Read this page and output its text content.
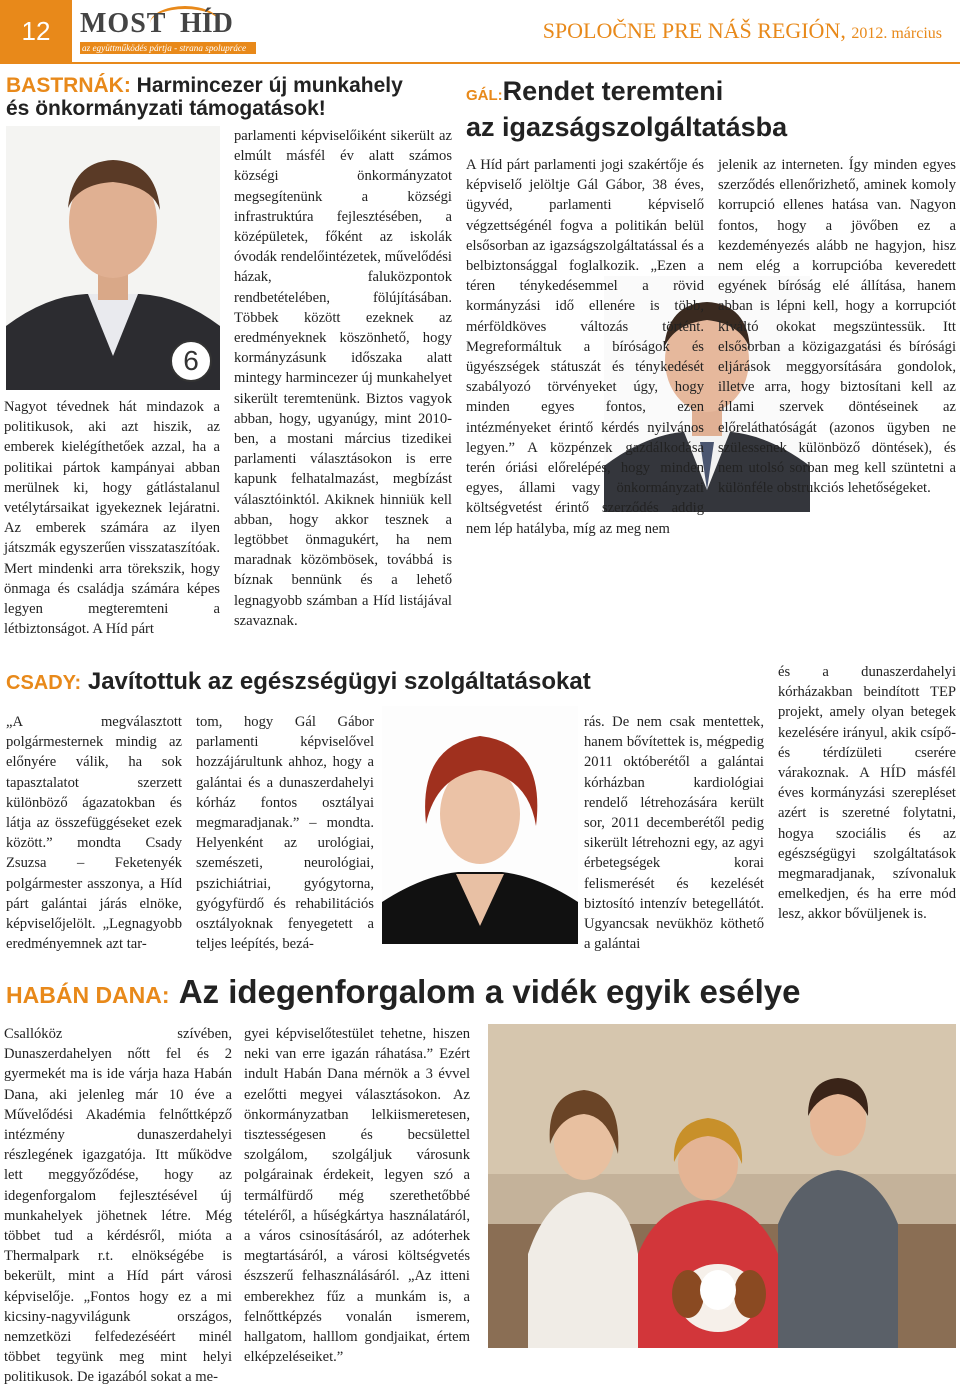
12	MOST HÍD
az együttműködés pártja - strana spolupráce
SPOLOČNE PRE NÁŠ REGIÓN, 2012. március
BASTRNÁK: Harmincezer új munkahely
és önkormányzati támogatások!
6
Nagyot tévednek hát mindazok a politikusok, aki azt hiszik, az emberek kielégíthetőek azzal, ha a politikai pártok kampányai abban merülnek ki, hogy gátlástalanul vetélytársaikat igyekeznek lejáratni. Az emberek számára az ilyen játszmák egyszerűen visszataszítóak. Mert mindenki arra törekszik, hogy önmaga és családja számára képes legyen megteremteni a létbiztonságot. A Híd párt
parlamenti képviselőiként sikerült az elmúlt másfél év alatt számos községi önkormányzatot megsegítenünk a községi infrastruktúra fejlesztésében, a középületek, főként az iskolák óvodák rendelőintézetek, művelődési házak, faluközpontok rendbetételében, fölújításában. Többek között ezeknek az eredményeknek köszönhető, hogy kormányzásunk időszaka alatt mintegy harmincezer új munkahelyet sikerült teremtenünk. Biztos vagyok abban, hogy, ugyanúgy, mint 2010-ben, a mostani március tizedikei parlamenti választásokon is erre kapunk felhatalmazást, megbízást választóinktól. Akiknek hinniük kell abban, hogy akkor tesznek a legtöbbet önmagukért, ha nem maradnak közömbösek, továbbá is bíznak bennünk és a lehető legnagyobb számban a Híd listájával szavaznak.
GÁL:Rendet teremteni
az igazságszolgáltatásba
A Híd párt parlamenti jogi szakértője és képviselő jelöltje Gál Gábor, 38 éves, ügyvéd, parlamenti képviselő végzettségénél fogva a politikán belül elsősorban az igazságszolgáltatással és a belbiztonsággal foglalkozik. „Ezen a téren ténykedésemmel a rövid kormányzási idő ellenére is több, mérföldköves változás történt. Megreformáltuk a bíróságok és ügyészségek státuszát és ténykedését szabályozó törvényeket úgy, hogy minden egyes fontos, ezen intézményeket érintő kérdés nyilvános legyen.” A közpénzek gazdálkodása terén óriási előrelépés, hogy minden egyes, állami vagy önkormányzati költségvetést érintő szerződés addig nem lép hatályba, míg az meg nem
jelenik az interneten. Így minden egyes szerződés ellenőrizhető, aminek komoly korrupció ellenes hatása van. Nagyon fontos, hogy a jövőben ez a kezdeményezés alább ne hagyjon, hisz nem elég a korrupcióba keveredett egyének bíróság elé állítása, hanem abban is lépni kell, hogy a korrupciót kiváltó okokat megszüntessük. Itt elsősorban a közigazgatási és bírósági eljárások meggyorsítására gondolok, illetve arra, hogy biztosítani kell az állami szervek döntéseinek az előreláthatóságát (azonos ügyben ne szülessenek különböző döntések), és nem utolsó sorban meg kell szüntetni a különféle obstrukciós lehetőségeket.
CSADY: Javítottuk az egészségügyi szolgáltatásokat
„A megválasztott polgármesternek mindig az előnyére válik, ha sok tapasztalatot szerzett különböző ágazatokban és látja az összefüggéseket ezek között.” mondta Csady Zsuzsa – Feketenyék polgármester asszonya, a Híd párt galántai járás elnöke, képviselőjelölt. „Legnagyobb eredményemnek azt tar-
tom, hogy Gál Gábor parlamenti képviselővel hozzájárultunk ahhoz, hogy a galántai és a dunaszerdahelyi kórház fontos osztályai megmaradjanak.” – mondta. Helyenként az urológiai, szemészeti, neurológiai, pszichiátriai, gyógytorna, gyógyfürdő és rehabilitációs osztályoknak fenyegetett a teljes leépítés, bezá-
rás. De nem csak mentettek, hanem bővítettek is, mégpedig 2011 októberétől a galántai kórházban kardiológiai rendelő létrehozására került sor, 2011 decemberétől pedig sikerült létrehozni egy, az agyi érbetegségek korai felismerését és kezelését biztosító intenzív betegellátót. Ugyancsak nevükhöz köthető a galántai
és a dunaszerdahelyi kórházakban beindított TEP projekt, amely olyan betegek kezelésére irányul, akik csípő- és térdízületi cserére várakoznak. A HÍD másfél éves kormányzási szerepléset azért is szeretné folytatni, hogya szociális és az egészségügyi szolgáltatások megmaradjanak, szívonaluk emelkedjen, és ha erre mód lesz, akkor bővüljenek is.
HABÁN DANA: Az idegenforgalom a vidék egyik esélye
Csallóköz szívében, Dunaszerdahelyen nőtt fel és 2 gyermekét ma is ide várja haza Habán Dana, aki jelenleg már 10 éve a Művelődési Akadémia felnőttképző intézmény dunaszerdahelyi részlegének igazgatója. Itt működve lett meggyőződése, hogy az idegenforgalom fejlesztésével új munkahelyek jöhetnek létre. Még többet tud a kérdésről, mióta a Thermalpark r.t. elnökségébe is bekerült, mint a Híd párt városi képviselője. „Fontos hogy ez a mi kicsiny-nagyvilágunk országos, nemzetközi felfedezéséért minél többet tegyünk meg mint helyi politikusok. De igazából sokat a me-
gyei képviselőtestület tehetne, hiszen neki van erre igazán ráhatása.” Ezért indult Habán Dana mérnök a 3 évvel ezelőtti megyei választásokon. Az önkormányzatban lelkiismeretesen, tisztességesen és becsülettel szolgálom, szolgáljuk városunk polgárainak érdekeit, legyen szó a termálfürdő még szerethetőbbé tételéről, a hűségkártya használatáról, a város csinosításáról, az adóterhek megtartásáról, a városi költségvetés észszerű felhasználásáról. „Az itteni emberekhez fűz a munkám is, a felnőttképzés vonalán ismerem, hallgatom, halllom gondjaikat, értem elképzeléseiket.”
